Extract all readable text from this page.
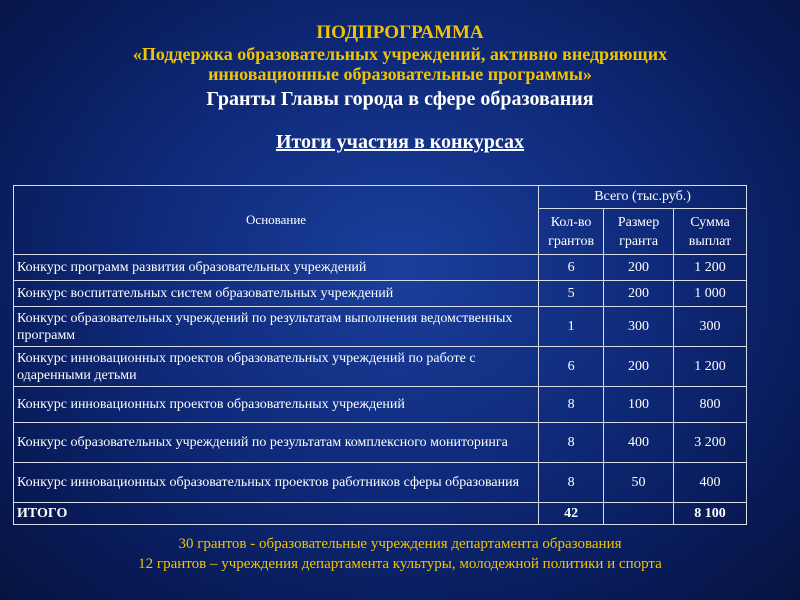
ПОДПРОГРАММА
«Поддержка образовательных учреждений, активно внедряющих
инновационные образовательные программы»
Гранты Главы города в сфере образования
Итоги участия в конкурсах
Основание	Всего (тыс.руб.)		
	Кол-во грантов	Размер гранта	Сумма выплат
Конкурс программ развития образовательных учреждений	6	200	1 200
Конкурс воспитательных систем образовательных учреждений	5	200	1 000
Конкурс образовательных учреждений по результатам выполнения ведомственных программ	1	300	300
Конкурс инновационных проектов образовательных учреждений по работе с одаренными детьми	6	200	1 200
Конкурс инновационных проектов образовательных учреждений	8	100	800
Конкурс образовательных учреждений по результатам комплексного мониторинга	8	400	3 200
Конкурс инновационных образовательных проектов работников сферы образования	8	50	400
ИТОГО	42		8 100
30 грантов - образовательные учреждения департамента образования
12 грантов – учреждения департамента культуры, молодежной политики и спорта
